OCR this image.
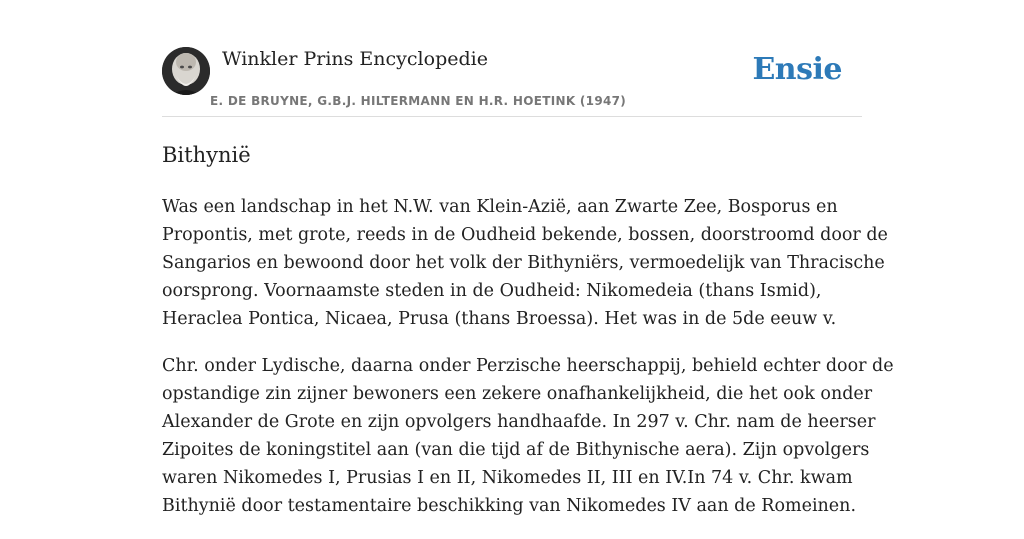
Winkler Prins Encyclopedie
E. DE BRUYNE, G.B.J. HILTERMANN EN H.R. HOETINK (1947)
Ensie
Bithynië

Was een landschap in het N.W. van Klein-Azië, aan Zwarte Zee, Bosporus en
Propontis, met grote, reeds in de Oudheid bekende, bossen, doorstroomd door de
Sangarios en bewoond door het volk der Bithyniërs, vermoedelijk van Thracische
oorsprong. Voornaamste steden in de Oudheid: Nikomedeia (thans Ismid),
Heraclea Pontica, Nicaea, Prusa (thans Broessa). Het was in de 5de eeuw v.

Chr. onder Lydische, daarna onder Perzische heerschappij, behield echter door de
opstandige zin zijner bewoners een zekere onafhankelijkheid, die het ook onder
Alexander de Grote en zijn opvolgers handhaafde. In 297 v. Chr. nam de heerser
Zipoites de koningstitel aan (van die tijd af de Bithynische aera). Zijn opvolgers
waren Nikomedes I, Prusias I en II, Nikomedes II, III en IV.In 74 v. Chr. kwam
Bithynië door testamentaire beschikking van Nikomedes IV aan de Romeinen.
